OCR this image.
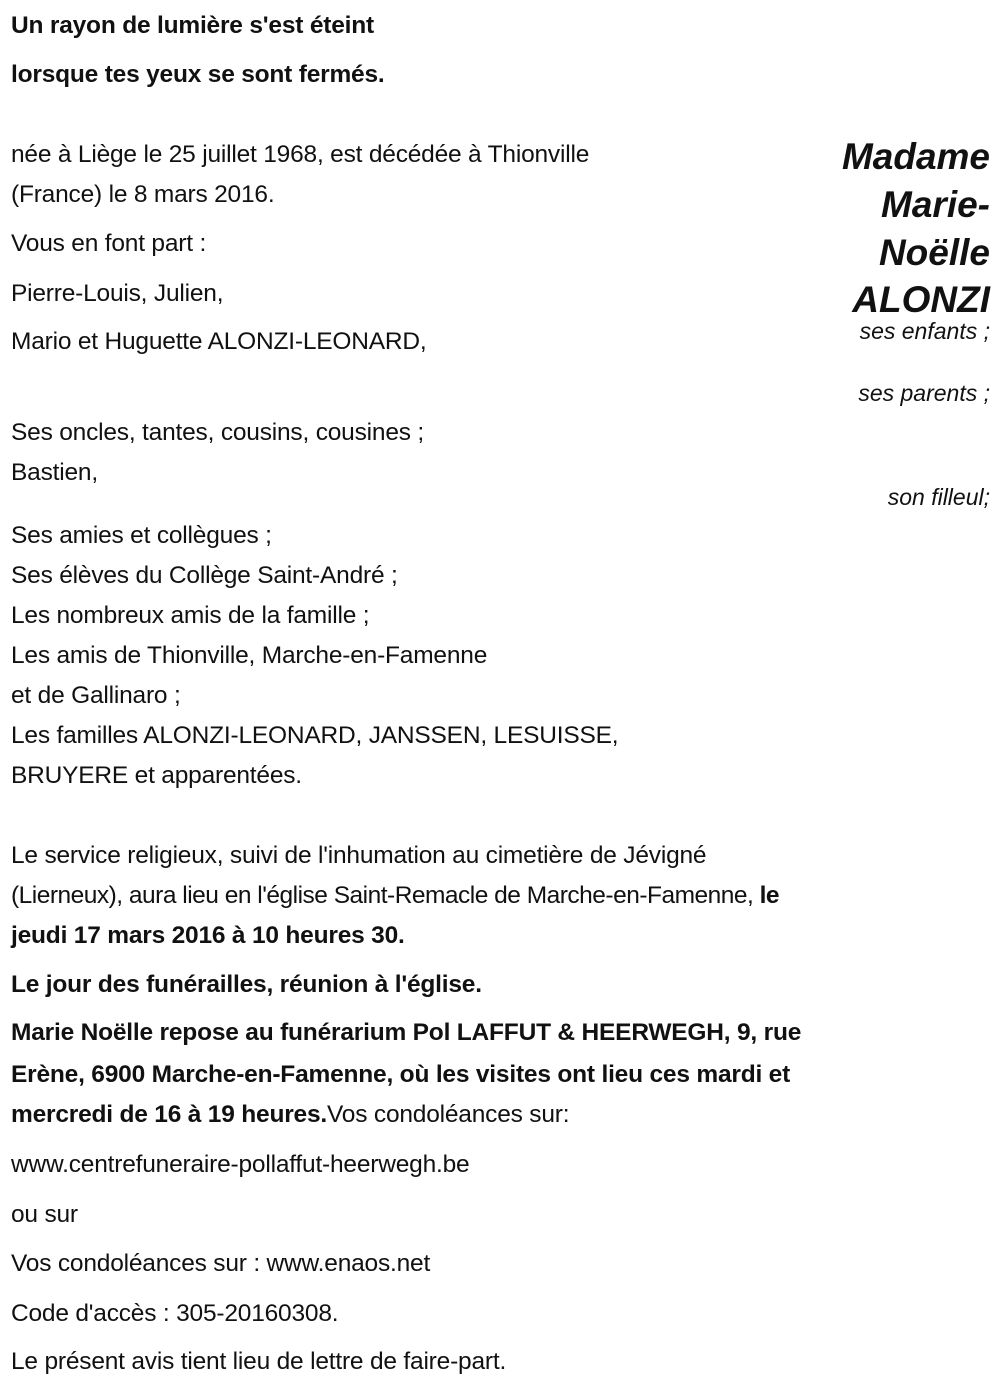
Un rayon de lumière s'est éteint
lorsque tes yeux se sont fermés.
Madame
Marie-
Noëlle
ALONZI
ses enfants ;
ses parents ;
son filleul;
née à Liège le 25 juillet 1968, est décédée à Thionville
(France) le 8 mars 2016.
Vous en font part :
Pierre-Louis, Julien,
Mario et Huguette ALONZI-LEONARD,
Ses oncles, tantes, cousins, cousines ;
Bastien,
Ses amies et collègues ;
Ses élèves du Collège Saint-André ;
Les nombreux amis de la famille ;
Les amis de Thionville, Marche-en-Famenne
et de Gallinaro ;
Les familles ALONZI-LEONARD, JANSSEN, LESUISSE,
BRUYERE et apparentées.
Le service religieux, suivi de l'inhumation au cimetière de Jévigné
(Lierneux), aura lieu en l'église Saint-Remacle de Marche-en-Famenne, le
jeudi 17 mars 2016 à 10 heures 30.
Le jour des funérailles, réunion à l'église.
Marie Noëlle repose au funérarium Pol LAFFUT & HEERWEGH, 9, rue
Erène, 6900 Marche-en-Famenne, où les visites ont lieu ces mardi et
mercredi de 16 à 19 heures.Vos condoléances sur:
www.centrefuneraire-pollaffut-heerwegh.be
ou sur
Vos condoléances sur : www.enaos.net
Code d'accès : 305-20160308.
Le présent avis tient lieu de lettre de faire-part.
